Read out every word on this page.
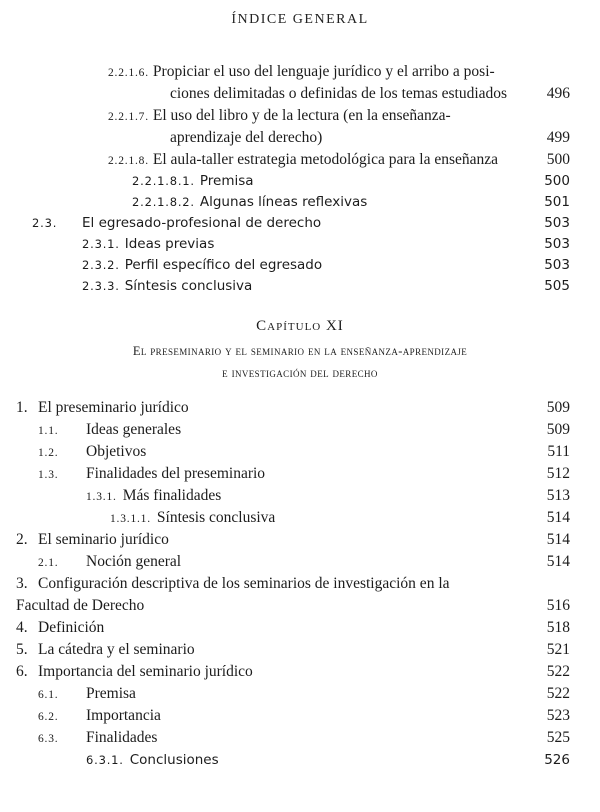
ÍNDICE GENERAL
2.2.1.6. Propiciar el uso del lenguaje jurídico y el arribo a posi-
ciones delimitadas o definidas de los temas estudiados	496
2.2.1.7. El uso del libro y de la lectura (en la enseñanza-
aprendizaje del derecho)	499
2.2.1.8. El aula-taller estrategia metodológica para la enseñanza	500
2.2.1.8.1. Premisa	500
2.2.1.8.2. Algunas líneas reflexivas	501
2.3.	El egresado-profesional de derecho	503
2.3.1. Ideas previas	503
2.3.2. Perfil específico del egresado	503
2.3.3. Síntesis conclusiva	505
Capítulo XI
El preseminario y el seminario en la enseñanza-aprendizaje
e investigación del derecho
1. El preseminario jurídico	509
1.1.	Ideas generales	509
1.2.	Objetivos	511
1.3.	Finalidades del preseminario	512
1.3.1. Más finalidades	513
1.3.1.1. Síntesis conclusiva	514
2. El seminario jurídico	514
2.1.	Noción general	514
3. Configuración descriptiva de los seminarios de investigación en la
Facultad de Derecho	516
4. Definición	518
5. La cátedra y el seminario	521
6. Importancia del seminario jurídico	522
6.1.	Premisa	522
6.2.	Importancia	523
6.3.	Finalidades	525
6.3.1. Conclusiones	526
